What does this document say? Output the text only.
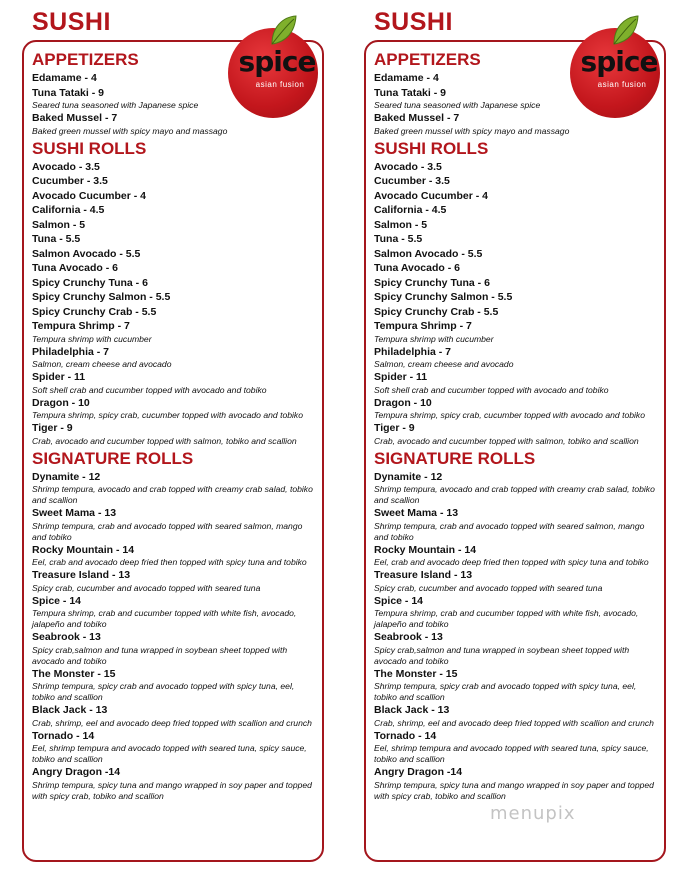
SUSHI
APPETIZERS
Edamame - 4
Tuna Tataki - 9
Seared tuna seasoned with Japanese spice
Baked Mussel - 7
Baked green mussel with spicy mayo and massago
SUSHI ROLLS
Avocado - 3.5
Cucumber - 3.5
Avocado Cucumber - 4
California - 4.5
Salmon - 5
Tuna - 5.5
Salmon Avocado - 5.5
Tuna Avocado - 6
Spicy Crunchy Tuna - 6
Spicy Crunchy Salmon - 5.5
Spicy Crunchy Crab - 5.5
Tempura Shrimp - 7
Tempura shrimp with cucumber
Philadelphia - 7
Salmon, cream cheese and avocado
Spider - 11
Soft shell crab and cucumber topped with avocado and tobiko
Dragon - 10
Tempura shrimp, spicy crab, cucumber topped with avocado and tobiko
Tiger - 9
Crab, avocado and cucumber topped with salmon, tobiko and scallion
SIGNATURE ROLLS
Dynamite - 12
Shrimp tempura, avocado and crab topped with creamy crab salad, tobiko and scallion
Sweet Mama - 13
Shrimp tempura, crab and avocado topped with seared salmon, mango and tobiko
Rocky Mountain - 14
Eel, crab and avocado deep fried then topped with spicy tuna and tobiko
Treasure Island - 13
Spicy crab, cucumber and avocado topped with seared tuna
Spice - 14
Tempura shrimp, crab and cucumber topped with white fish, avocado, jalapeño and tobiko
Seabrook - 13
Spicy crab,salmon and tuna wrapped in soybean sheet topped with avocado and tobiko
The Monster - 15
Shrimp tempura, spicy crab and avocado topped with spicy tuna, eel, tobiko and scallion
Black Jack - 13
Crab, shrimp, eel and avocado deep fried topped with scallion and crunch
Tornado - 14
Eel, shrimp tempura and avocado topped with seared tuna, spicy sauce, tobiko and scallion
Angry Dragon -14
Shrimp tempura, spicy tuna and mango wrapped in soy paper and topped with spicy crab, tobiko and scallion
spice
asian fusion
SUSHI
APPETIZERS
Edamame - 4
Tuna Tataki - 9
Seared tuna seasoned with Japanese spice
Baked Mussel - 7
Baked green mussel with spicy mayo and massago
SUSHI ROLLS
Avocado - 3.5
Cucumber - 3.5
Avocado Cucumber - 4
California - 4.5
Salmon - 5
Tuna - 5.5
Salmon Avocado - 5.5
Tuna Avocado - 6
Spicy Crunchy Tuna - 6
Spicy Crunchy Salmon - 5.5
Spicy Crunchy Crab - 5.5
Tempura Shrimp - 7
Tempura shrimp with cucumber
Philadelphia - 7
Salmon, cream cheese and avocado
Spider - 11
Soft shell crab and cucumber topped with avocado and tobiko
Dragon - 10
Tempura shrimp, spicy crab, cucumber topped with avocado and tobiko
Tiger - 9
Crab, avocado and cucumber topped with salmon, tobiko and scallion
SIGNATURE ROLLS
Dynamite - 12
Shrimp tempura, avocado and crab topped with creamy crab salad, tobiko and scallion
Sweet Mama - 13
Shrimp tempura, crab and avocado topped with seared salmon, mango and tobiko
Rocky Mountain - 14
Eel, crab and avocado deep fried then topped with spicy tuna and tobiko
Treasure Island - 13
Spicy crab, cucumber and avocado topped with seared tuna
Spice - 14
Tempura shrimp, crab and cucumber topped with white fish, avocado, jalapeño and tobiko
Seabrook - 13
Spicy crab,salmon and tuna wrapped in soybean sheet topped with avocado and tobiko
The Monster - 15
Shrimp tempura, spicy crab and avocado topped with spicy tuna, eel, tobiko and scallion
Black Jack - 13
Crab, shrimp, eel and avocado deep fried topped with scallion and crunch
Tornado - 14
Eel, shrimp tempura and avocado topped with seared tuna, spicy sauce, tobiko and scallion
Angry Dragon -14
Shrimp tempura, spicy tuna and mango wrapped in soy paper and topped with spicy crab, tobiko and scallion
spice
asian fusion
menupix
